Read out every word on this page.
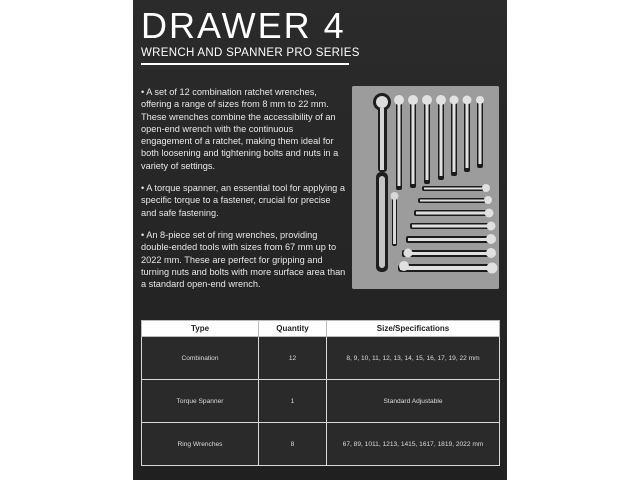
DRAWER 4
WRENCH AND SPANNER PRO SERIES

• A set of 12 combination ratchet wrenches, offering a range of sizes from 8 mm to 22 mm. These wrenches combine the accessibility of an open-end wrench with the continuous engagement of a ratchet, making them ideal for both loosening and tightening bolts and nuts in a variety of settings.

• A torque spanner, an essential tool for applying a specific torque to a fastener, crucial for precise and safe fastening.

• An 8-piece set of ring wrenches, providing double-ended tools with sizes from 67 mm up to 2022 mm. These are perfect for gripping and turning nuts and bolts with more surface area than a standard open-end wrench.

Type	Quantity	Size/Specifications
Combination	12	8, 9, 10, 11, 12, 13, 14, 15, 16, 17, 19, 22 mm
Torque Spanner	1	Standard Adjustable
Ring Wrenches	8	67, 89, 1011, 1213, 1415, 1617, 1819, 2022 mm
